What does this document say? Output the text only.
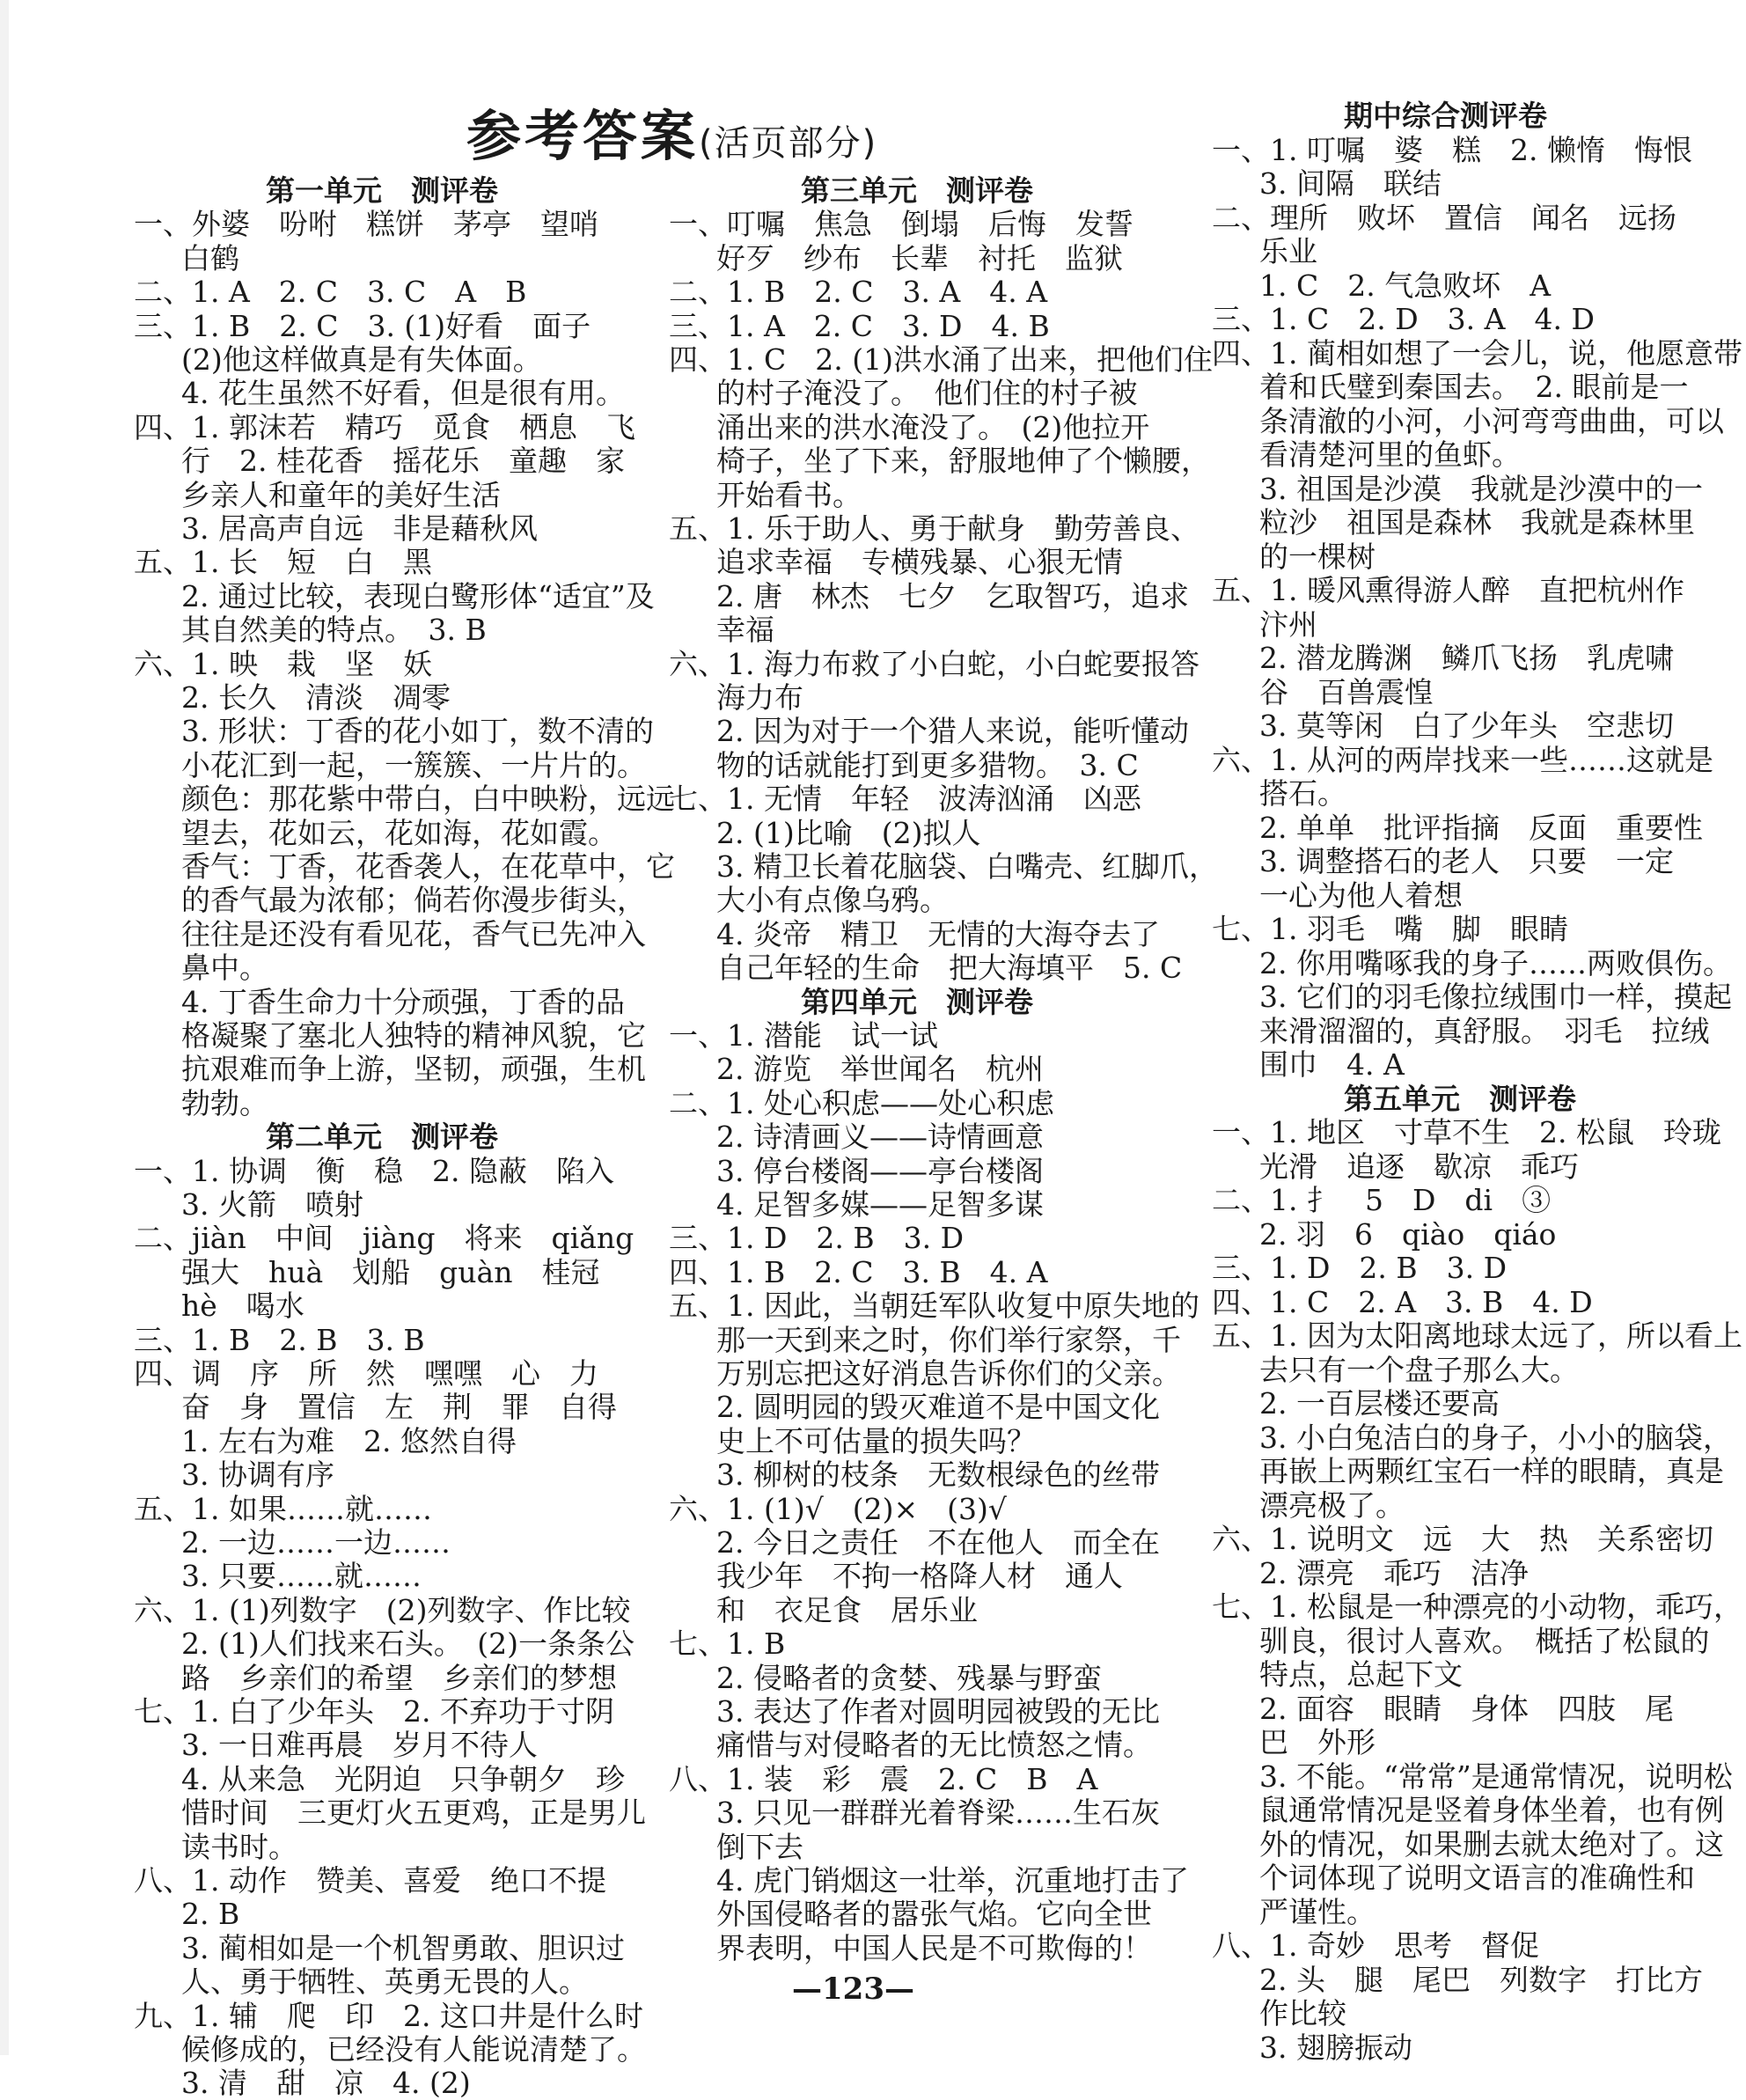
参考答案(活页部分)
第一单元　测评卷
一、外婆　吩咐　糕饼　茅亭　望哨
白鹤
二、1. A　2. C　3. C　A　B
三、1. B　2. C　3. (1)好看　面子
(2)他这样做真是有失体面。
4. 花生虽然不好看，但是很有用。
四、1. 郭沫若　精巧　觅食　栖息　飞
行　2. 桂花香　摇花乐　童趣　家
乡亲人和童年的美好生活
3. 居高声自远　非是藉秋风
五、1. 长　短　白　黑
2. 通过比较，表现白鹭形体“适宜”及
其自然美的特点。　3. B
六、1. 映　栽　坚　妖
2. 长久　清淡　凋零
3. 形状：丁香的花小如丁，数不清的
小花汇到一起，一簇簇、一片片的。
颜色：那花紫中带白，白中映粉，远远
望去，花如云，花如海，花如霞。
香气：丁香，花香袭人，在花草中，它
的香气最为浓郁；倘若你漫步街头，
往往是还没有看见花，香气已先冲入
鼻中。
4. 丁香生命力十分顽强，丁香的品
格凝聚了塞北人独特的精神风貌，它
抗艰难而争上游，坚韧，顽强，生机
勃勃。
第二单元　测评卷
一、1. 协调　衡　稳　2. 隐蔽　陷入
3. 火箭　喷射
二、jiàn　中间　jiàng　将来　qiǎng
强大　huà　划船　guàn　桂冠
hè　喝水
三、1. B　2. B　3. B
四、调　序　所　然　嘿嘿　心　力
奋　身　置信　左　荆　罪　自得
1. 左右为难　2. 悠然自得
3. 协调有序
五、1. 如果……就……
2. 一边……一边……
3. 只要……就……
六、1. (1)列数字　(2)列数字、作比较
2. (1)人们找来石头。　(2)一条条公
路　乡亲们的希望　乡亲们的梦想
七、1. 白了少年头　2. 不弃功于寸阴
3. 一日难再晨　岁月不待人
4. 从来急　光阴迫　只争朝夕　珍
惜时间　三更灯火五更鸡，正是男儿
读书时。
八、1. 动作　赞美、喜爱　绝口不提
2. B
3. 蔺相如是一个机智勇敢、胆识过
人、勇于牺牲、英勇无畏的人。
九、1. 辅　爬　印　2. 这口井是什么时
候修成的，已经没有人能说清楚了。
3. 清　甜　凉　4. (2)
第三单元　测评卷
一、叮嘱　焦急　倒塌　后悔　发誓
好歹　纱布　长辈　衬托　监狱
二、1. B　2. C　3. A　4. A
三、1. A　2. C　3. D　4. B
四、1. C　2. (1)洪水涌了出来，把他们住
的村子淹没了。　他们住的村子被
涌出来的洪水淹没了。　(2)他拉开
椅子，坐了下来，舒服地伸了个懒腰，
开始看书。
五、1. 乐于助人、勇于献身　勤劳善良、
追求幸福　专横残暴、心狠无情
2. 唐　林杰　七夕　乞取智巧，追求
幸福
六、1. 海力布救了小白蛇，小白蛇要报答
海力布
2. 因为对于一个猎人来说，能听懂动
物的话就能打到更多猎物。　3. C
七、1. 无情　年轻　波涛汹涌　凶恶
2. (1)比喻　(2)拟人
3. 精卫长着花脑袋、白嘴壳、红脚爪，
大小有点像乌鸦。
4. 炎帝　精卫　无情的大海夺去了
自己年轻的生命　把大海填平　5. C
第四单元　测评卷
一、1. 潜能　试一试
2. 游览　举世闻名　杭州
二、1. 处心积虑——处心积虑
2. 诗清画义——诗情画意
3. 停台楼阁——亭台楼阁
4. 足智多媒——足智多谋
三、1. D　2. B　3. D
四、1. B　2. C　3. B　4. A
五、1. 因此，当朝廷军队收复中原失地的
那一天到来之时，你们举行家祭，千
万别忘把这好消息告诉你们的父亲。
2. 圆明园的毁灭难道不是中国文化
史上不可估量的损失吗？
3. 柳树的枝条　无数根绿色的丝带
六、1. (1)√　(2)×　(3)√
2. 今日之责任　不在他人　而全在
我少年　不拘一格降人材　通人
和　衣足食　居乐业
七、1. B
2. 侵略者的贪婪、残暴与野蛮
3. 表达了作者对圆明园被毁的无比
痛惜与对侵略者的无比愤怒之情。
八、1. 装　彩　震　2. C　B　A
3. 只见一群群光着脊梁……生石灰
倒下去
4. 虎门销烟这一壮举，沉重地打击了
外国侵略者的嚣张气焰。它向全世
界表明，中国人民是不可欺侮的！
期中综合测评卷
一、1. 叮嘱　婆　糕　2. 懒惰　悔恨
3. 间隔　联结
二、理所　败坏　置信　闻名　远扬
乐业
1. C　2. 气急败坏　A
三、1. C　2. D　3. A　4. D
四、1. 蔺相如想了一会儿，说，他愿意带
着和氏璧到秦国去。　2. 眼前是一
条清澈的小河，小河弯弯曲曲，可以
看清楚河里的鱼虾。
3. 祖国是沙漠　我就是沙漠中的一
粒沙　祖国是森林　我就是森林里
的一棵树
五、1. 暖风熏得游人醉　直把杭州作
汴州
2. 潜龙腾渊　鳞爪飞扬　乳虎啸
谷　百兽震惶
3. 莫等闲　白了少年头　空悲切
六、1. 从河的两岸找来一些……这就是
搭石。
2. 单单　批评指摘　反面　重要性
3. 调整搭石的老人　只要　一定
一心为他人着想
七、1. 羽毛　嘴　脚　眼睛
2. 你用嘴啄我的身子……两败俱伤。
3. 它们的羽毛像拉绒围巾一样，摸起
来滑溜溜的，真舒服。　羽毛　拉绒
围巾　4. A
第五单元　测评卷
一、1. 地区　寸草不生　2. 松鼠　玲珑
光滑　追逐　歇凉　乖巧
二、1. 扌　5　D　di　③
2. 羽　6　qiào　qiáo
三、1. D　2. B　3. D
四、1. C　2. A　3. B　4. D
五、1. 因为太阳离地球太远了，所以看上
去只有一个盘子那么大。
2. 一百层楼还要高
3. 小白兔洁白的身子，小小的脑袋，
再嵌上两颗红宝石一样的眼睛，真是
漂亮极了。
六、1. 说明文　远　大　热　关系密切
2. 漂亮　乖巧　洁净
七、1. 松鼠是一种漂亮的小动物，乖巧，
驯良，很讨人喜欢。　概括了松鼠的
特点，总起下文
2. 面容　眼睛　身体　四肢　尾
巴　外形
3. 不能。“常常”是通常情况，说明松
鼠通常情况是竖着身体坐着，也有例
外的情况，如果删去就太绝对了。这
个词体现了说明文语言的准确性和
严谨性。
八、1. 奇妙　思考　督促
2. 头　腿　尾巴　列数字　打比方
作比较
3. 翅膀振动
—123—
